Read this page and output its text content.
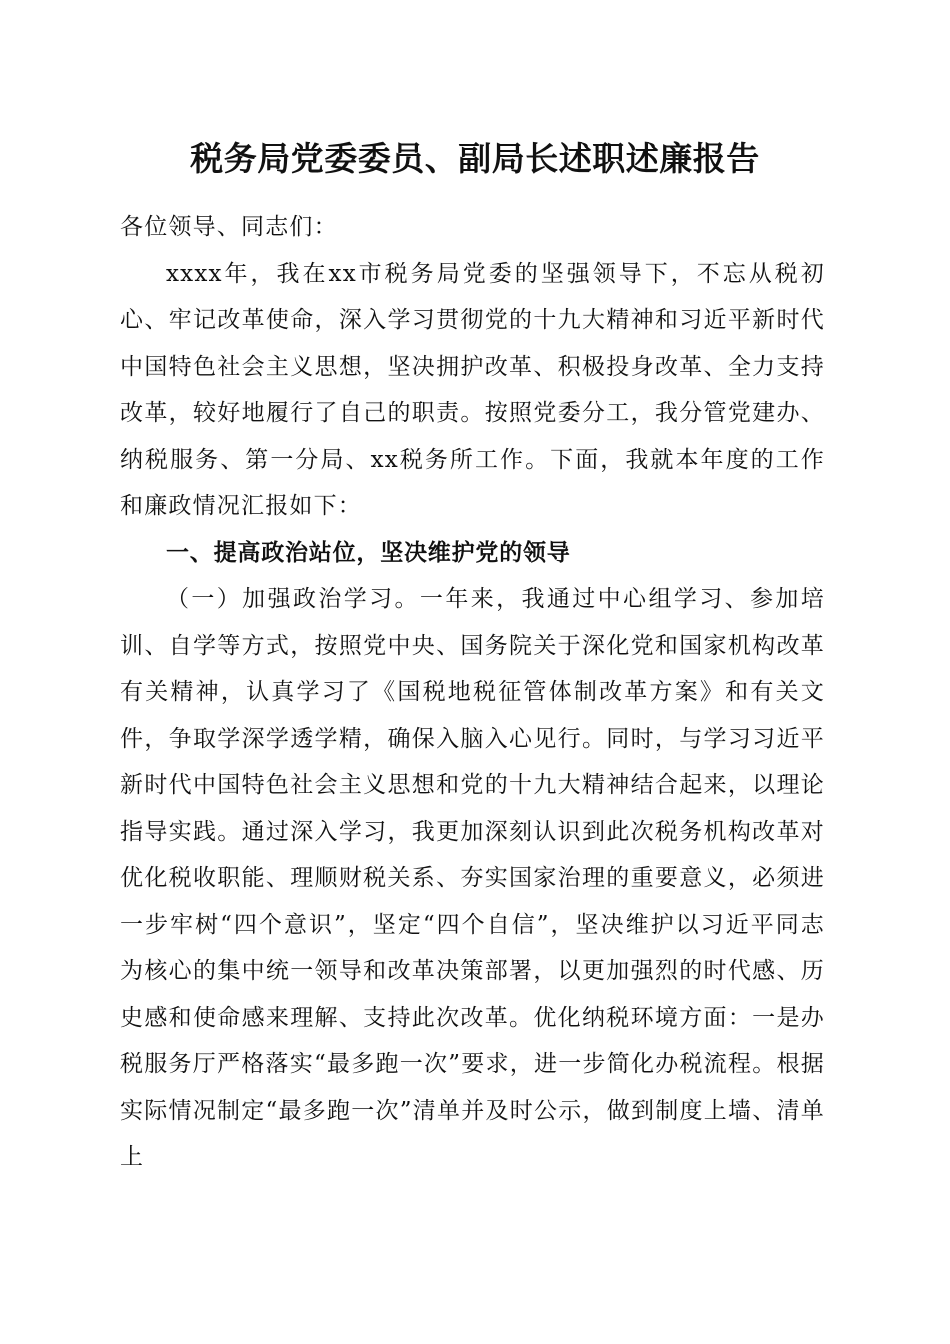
税务局党委委员、副局长述职述廉报告

各位领导、同志们：

xxxx年，我在xx市税务局党委的坚强领导下，不忘从税初心、牢记改革使命，深入学习贯彻党的十九大精神和习近平新时代中国特色社会主义思想，坚决拥护改革、积极投身改革、全力支持改革，较好地履行了自己的职责。按照党委分工，我分管党建办、纳税服务、第一分局、xx税务所工作。下面，我就本年度的工作和廉政情况汇报如下：

一、提高政治站位，坚决维护党的领导

（一）加强政治学习。一年来，我通过中心组学习、参加培训、自学等方式，按照党中央、国务院关于深化党和国家机构改革有关精神，认真学习了《国税地税征管体制改革方案》和有关文件，争取学深学透学精，确保入脑入心见行。同时，与学习习近平新时代中国特色社会主义思想和党的十九大精神结合起来，以理论指导实践。通过深入学习，我更加深刻认识到此次税务机构改革对优化税收职能、理顺财税关系、夯实国家治理的重要意义，必须进一步牢树“四个意识”，坚定“四个自信”，坚决维护以习近平同志为核心的集中统一领导和改革决策部署，以更加强烈的时代感、历史感和使命感来理解、支持此次改革。优化纳税环境方面：一是办税服务厅严格落实“最多跑一次”要求，进一步简化办税流程。根据实际情况制定“最多跑一次”清单并及时公示，做到制度上墙、清单上
